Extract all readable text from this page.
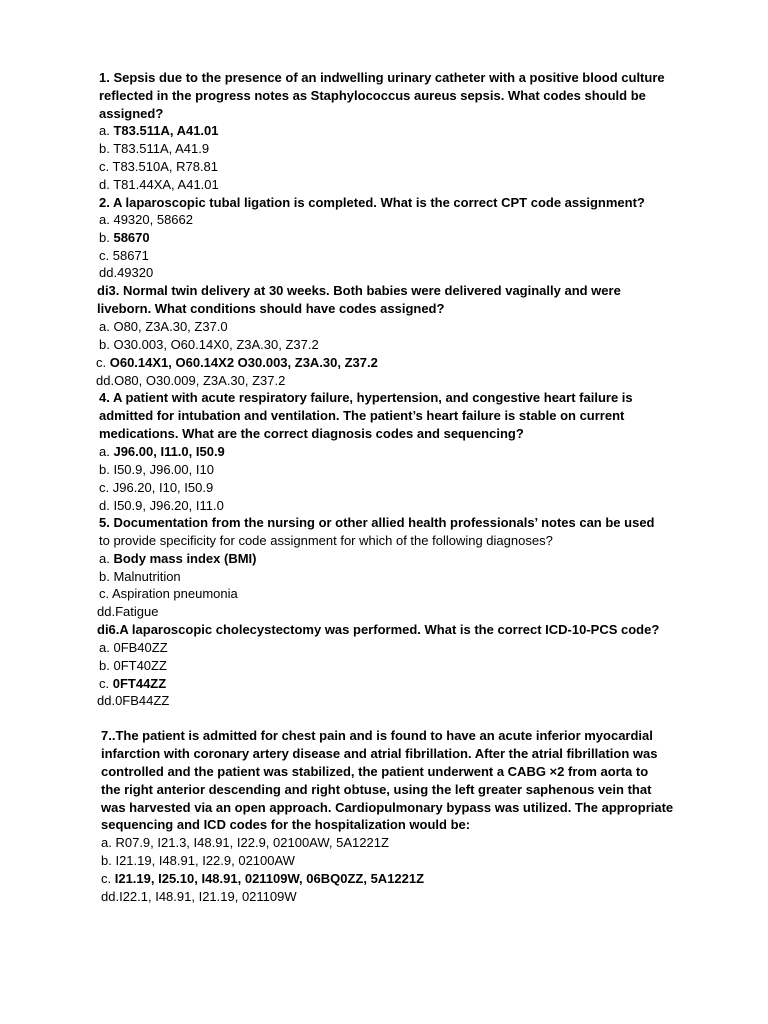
1. Sepsis due to the presence of an indwelling urinary catheter with a positive blood culture

reflected in the progress notes as Staphylococcus aureus sepsis. What codes should be

assigned?

a. T83.511A, A41.01

b. T83.511A, A41.9

c. T83.510A, R78.81

d. T81.44XA, A41.01

2. A laparoscopic tubal ligation is completed. What is the correct CPT code assignment?

a. 49320, 58662

b. 58670

c. 58671

dd.49320

di3. Normal twin delivery at 30 weeks. Both babies were delivered vaginally and were

liveborn. What conditions should have codes assigned?

a. O80, Z3A.30, Z37.0

b. O30.003, O60.14X0, Z3A.30, Z37.2

c. O60.14X1, O60.14X2 O30.003, Z3A.30, Z37.2

dd.O80, O30.009, Z3A.30, Z37.2

4. A patient with acute respiratory failure, hypertension, and congestive heart failure is

admitted for intubation and ventilation. The patient’s heart failure is stable on current

medications. What are the correct diagnosis codes and sequencing?

a. J96.00, I11.0, I50.9

b. I50.9, J96.00, I10

c. J96.20, I10, I50.9

d. I50.9, J96.20, I11.0

5. Documentation from the nursing or other allied health professionals’ notes can be used

to provide specificity for code assignment for which of the following diagnoses?

a. Body mass index (BMI)

b. Malnutrition

c. Aspiration pneumonia

dd.Fatigue

di6.A laparoscopic cholecystectomy was performed. What is the correct ICD-10-PCS code?

a. 0FB40ZZ

b. 0FT40ZZ

c. 0FT44ZZ

dd.0FB44ZZ

7..The patient is admitted for chest pain and is found to have an acute inferior myocardial

infarction with coronary artery disease and atrial fibrillation. After the atrial fibrillation was

controlled and the patient was stabilized, the patient underwent a CABG ×2 from aorta to

the right anterior descending and right obtuse, using the left greater saphenous vein that

was harvested via an open approach. Cardiopulmonary bypass was utilized. The appropriate

sequencing and ICD codes for the hospitalization would be:

a. R07.9, I21.3, I48.91, I22.9, 02100AW, 5A1221Z

b. I21.19, I48.91, I22.9, 02100AW

c. I21.19, I25.10, I48.91, 021109W, 06BQ0ZZ, 5A1221Z

dd.I22.1, I48.91, I21.19, 021109W
